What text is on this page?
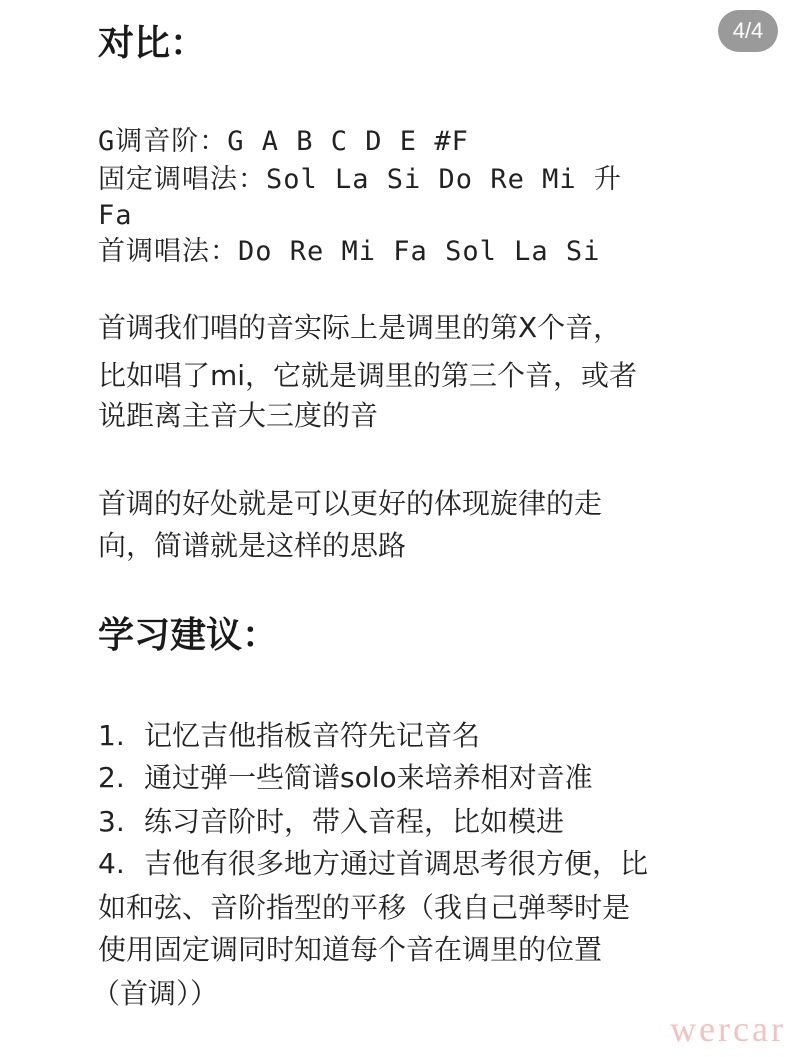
4/4
对比：

G调音阶：G A B C D E #F

固定调唱法：Sol La Si Do Re Mi 升

Fa

首调唱法：Do Re Mi Fa Sol La Si

首调我们唱的音实际上是调里的第X个音，

比如唱了mi，它就是调里的第三个音，或者

说距离主音大三度的音

首调的好处就是可以更好的体现旋律的走

向，简谱就是这样的思路

学习建议：

1. 记忆吉他指板音符先记音名

2. 通过弹一些简谱solo来培养相对音准

3. 练习音阶时，带入音程，比如模进

4. 吉他有很多地方通过首调思考很方便，比

如和弦、音阶指型的平移（我自己弹琴时是

使用固定调同时知道每个音在调里的位置

（首调））

wercar
